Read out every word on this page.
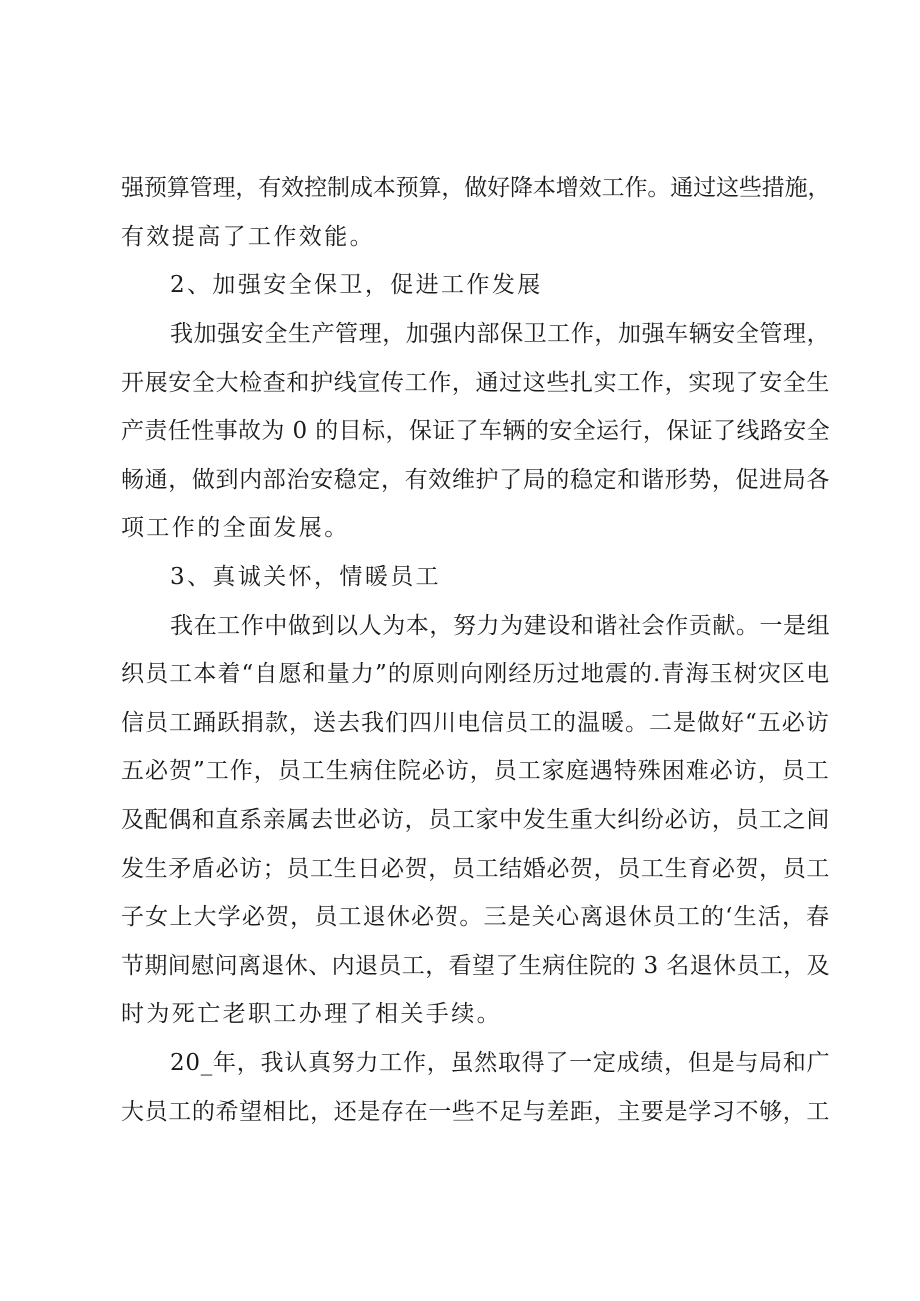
强预算管理，有效控制成本预算，做好降本增效工作。通过这些措施，
有效提高了工作效能。
2、加强安全保卫，促进工作发展
我加强安全生产管理，加强内部保卫工作，加强车辆安全管理，
开展安全大检查和护线宣传工作，通过这些扎实工作，实现了安全生
产责任性事故为 0 的目标，保证了车辆的安全运行，保证了线路安全
畅通，做到内部治安稳定，有效维护了局的稳定和谐形势，促进局各
项工作的全面发展。
3、真诚关怀，情暖员工
我在工作中做到以人为本，努力为建设和谐社会作贡献。一是组
织员工本着“自愿和量力”的原则向刚经历过地震的.青海玉树灾区电
信员工踊跃捐款，送去我们四川电信员工的温暖。二是做好“五必访
五必贺”工作，员工生病住院必访，员工家庭遇特殊困难必访，员工
及配偶和直系亲属去世必访，员工家中发生重大纠纷必访，员工之间
发生矛盾必访；员工生日必贺，员工结婚必贺，员工生育必贺，员工
子女上大学必贺，员工退休必贺。三是关心离退休员工的‘生活，春
节期间慰问离退休、内退员工，看望了生病住院的 3 名退休员工，及
时为死亡老职工办理了相关手续。
20_年，我认真努力工作，虽然取得了一定成绩，但是与局和广
大员工的希望相比，还是存在一些不足与差距，主要是学习不够，工
